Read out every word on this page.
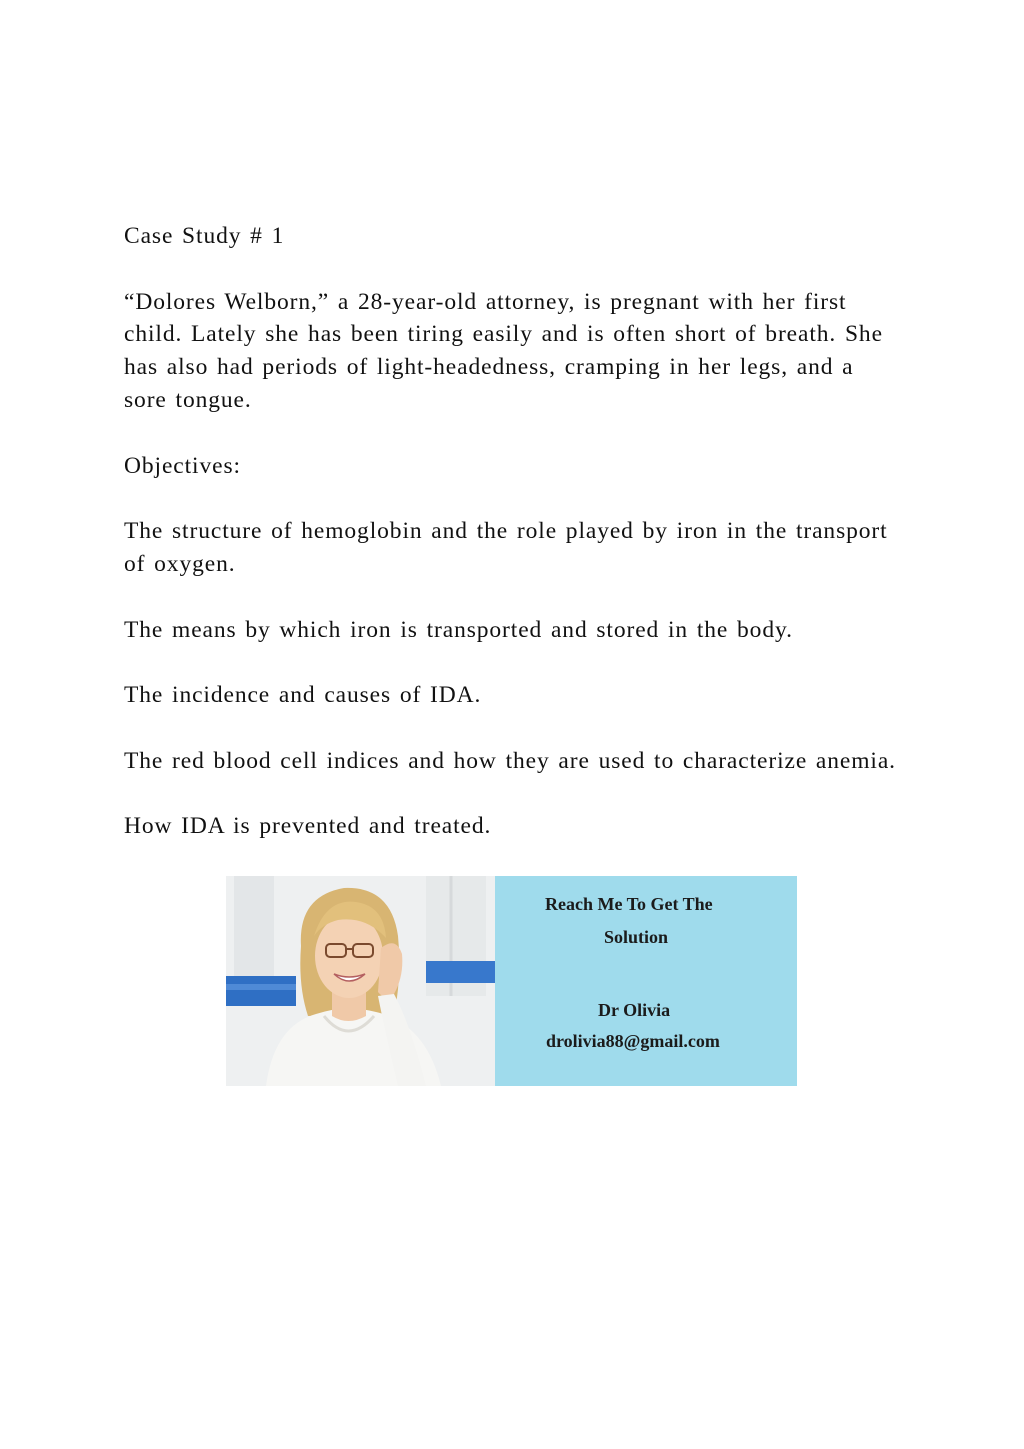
Case Study # 1

“Dolores Welborn,” a 28-year-old attorney, is pregnant with her first child. Lately she has been tiring easily and is often short of breath. She has also had periods of light-headedness, cramping in her legs, and a sore tongue.

Objectives:

The structure of hemoglobin and the role played by iron in the transport of oxygen.

The means by which iron is transported and stored in the body.

The incidence and causes of IDA.

The red blood cell indices and how they are used to characterize anemia.

How IDA is prevented and treated.

Reach Me To Get The
Solution
Dr Olivia
drolivia88@gmail.com
